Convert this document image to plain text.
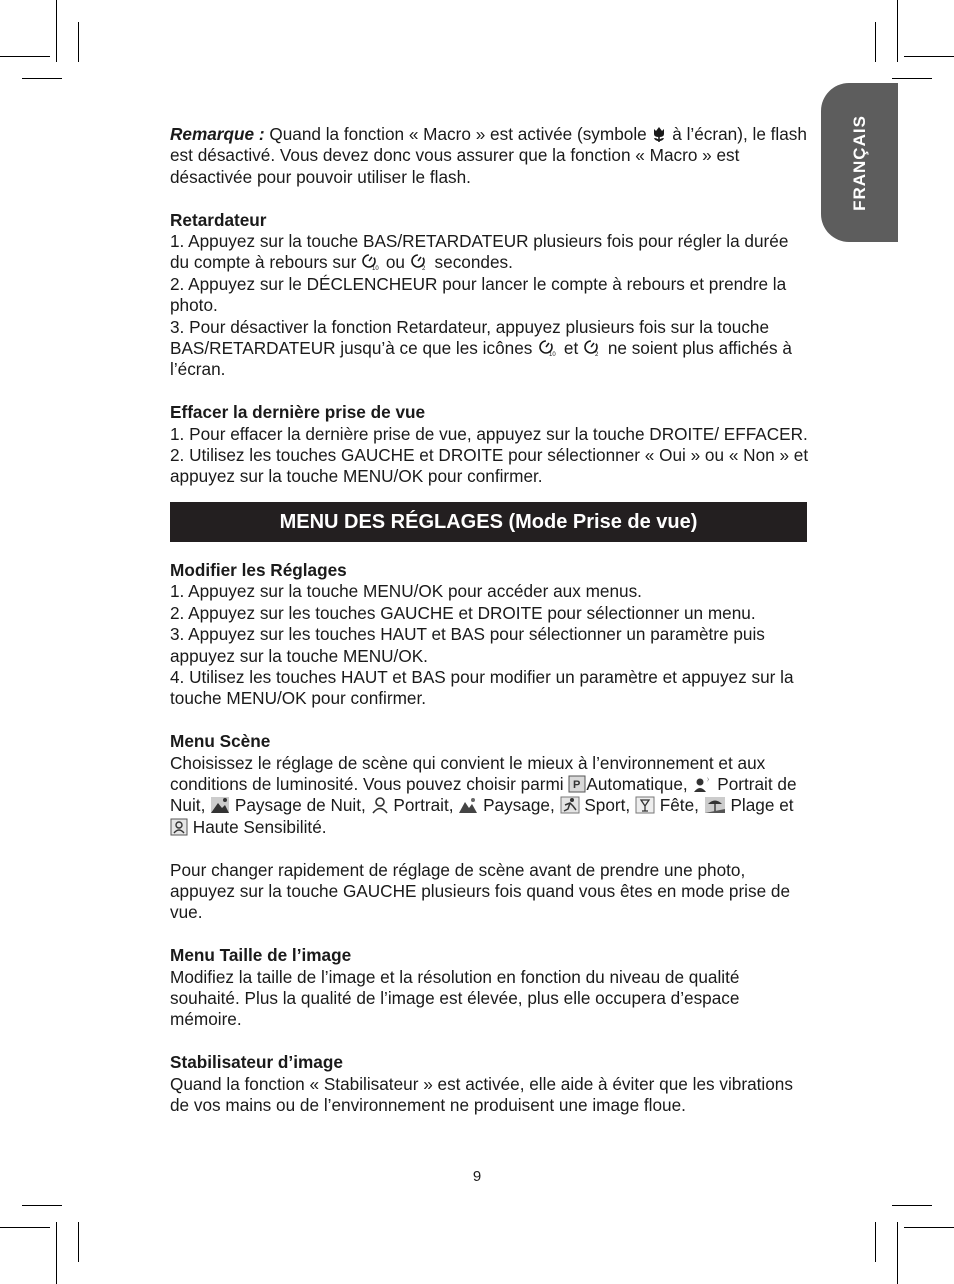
FRANÇAIS

Remarque : Quand la fonction « Macro » est activée (symbole  à l’écran), le flash est désactivé. Vous devez donc vous assurer que la fonction « Macro » est désactivée pour pouvoir utiliser le flash.

Retardateur

1. Appuyez sur la touche BAS/RETARDATEUR plusieurs fois pour régler la durée du compte à rebours sur 10 ou 2 secondes.

2. Appuyez sur le DÉCLENCHEUR pour lancer le compte à rebours et prendre la photo.

3. Pour désactiver la fonction Retardateur, appuyez plusieurs fois sur la touche BAS/RETARDATEUR jusqu’à ce que les icônes 10 et 2 ne soient plus affichés à l’écran.

Effacer la dernière prise de vue

1. Pour effacer la dernière prise de vue, appuyez sur la touche DROITE/ EFFACER.

2. Utilisez les touches GAUCHE et DROITE pour sélectionner « Oui » ou « Non » et appuyez sur la touche MENU/OK pour confirmer.

MENU DES RÉGLAGES (Mode Prise de vue)

Modifier les Réglages

1. Appuyez sur la touche MENU/OK pour accéder aux menus.

2. Appuyez sur les touches GAUCHE et DROITE pour sélectionner un menu.

3. Appuyez sur les touches HAUT et BAS pour sélectionner un paramètre puis appuyez sur la touche MENU/OK.

4. Utilisez les touches HAUT et BAS pour modifier un paramètre et appuyez sur la touche MENU/OK pour confirmer.

Menu Scène

Choisissez le réglage de scène qui convient le mieux à l’environnement et aux conditions de luminosité. Vous pouvez choisir parmi P Automatique,  Portrait de Nuit,  Paysage de Nuit,  Portrait,  Paysage,  Sport,  Fête,  Plage et  Haute Sensibilité.

Pour changer rapidement de réglage de scène avant de prendre une photo, appuyez sur la touche GAUCHE plusieurs fois quand vous êtes en mode prise de vue.

Menu Taille de l’image

Modifiez la taille de l’image et la résolution en fonction du niveau de qualité souhaité. Plus la qualité de l’image est élevée, plus elle occupera d’espace mémoire.

Stabilisateur d’image

Quand la fonction « Stabilisateur » est activée, elle aide à éviter que les vibrations de vos mains ou de l’environnement ne produisent une image floue.

9
